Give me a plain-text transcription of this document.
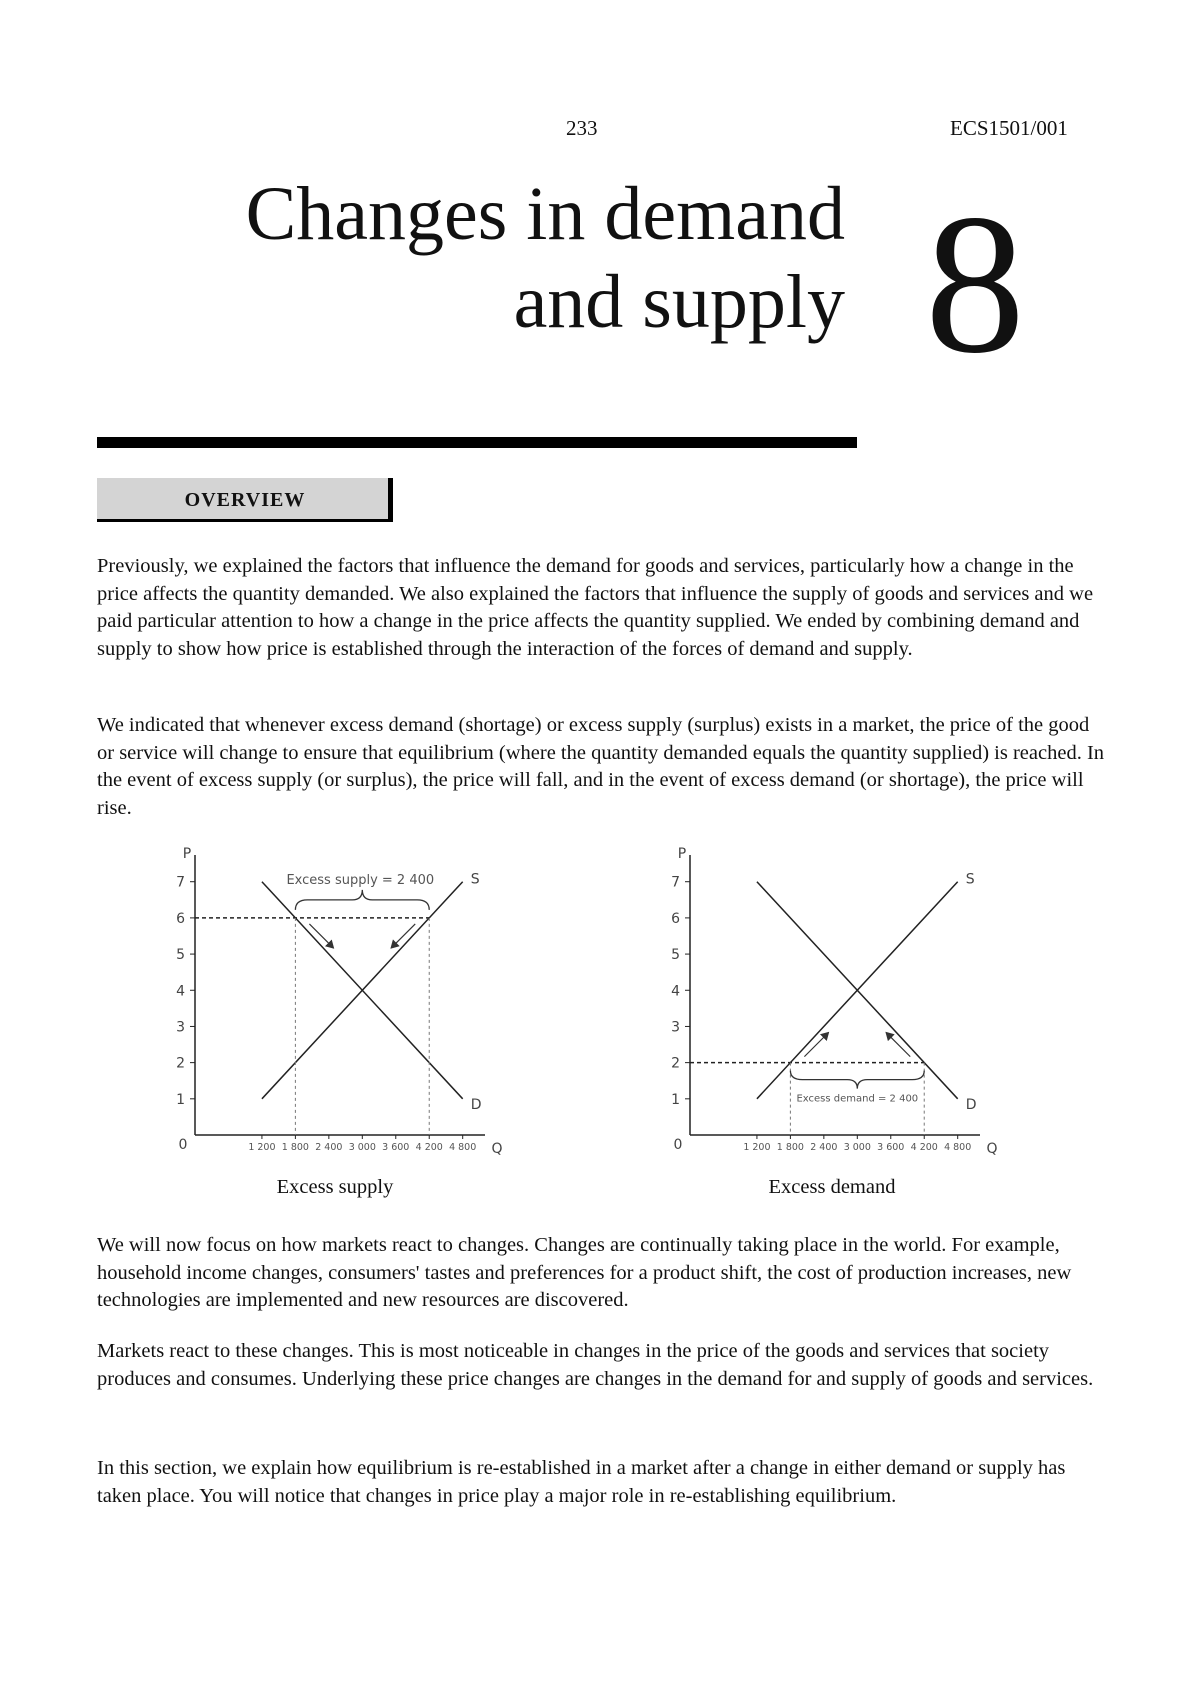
233	ECS1501/001
Changes in demand
and supply 8
OVERVIEW
Previously, we explained the factors that influence the demand for goods and services, particularly how a change in the price affects the quantity demanded. We also explained the factors that influence the supply of goods and services and we paid particular attention to how a change in the price affects the quantity supplied. We ended by combining demand and supply to show how price is established through the interaction of the forces of demand and supply.
We indicated that whenever excess demand (shortage) or excess supply (surplus) exists in a market, the price of the good or service will change to ensure that equilibrium (where the quantity demanded equals the quantity supplied) is reached. In the event of excess supply (or surplus), the price will fall, and in the event of excess demand (or shortage), the price will rise.
P
Q
0
1
2
3
4
5
6
7
1 200 1 800 2 400 3 000 3 600 4 200 4 800
S
D
Excess supply = 2 400
P
Q
0
1
2
3
4
5
6
7
1 200 1 800 2 400 3 000 3 600 4 200 4 800
S
D
Excess demand = 2 400
Excess supply	Excess demand
We will now focus on how markets react to changes. Changes are continually taking place in the world. For example, household income changes, consumers' tastes and preferences for a product shift, the cost of production increases, new technologies are implemented and new resources are discovered.
Markets react to these changes. This is most noticeable in changes in the price of the goods and services that society produces and consumes. Underlying these price changes are changes in the demand for and supply of goods and services.
In this section, we explain how equilibrium is re-established in a market after a change in either demand or supply has taken place. You will notice that changes in price play a major role in re-establishing equilibrium.
